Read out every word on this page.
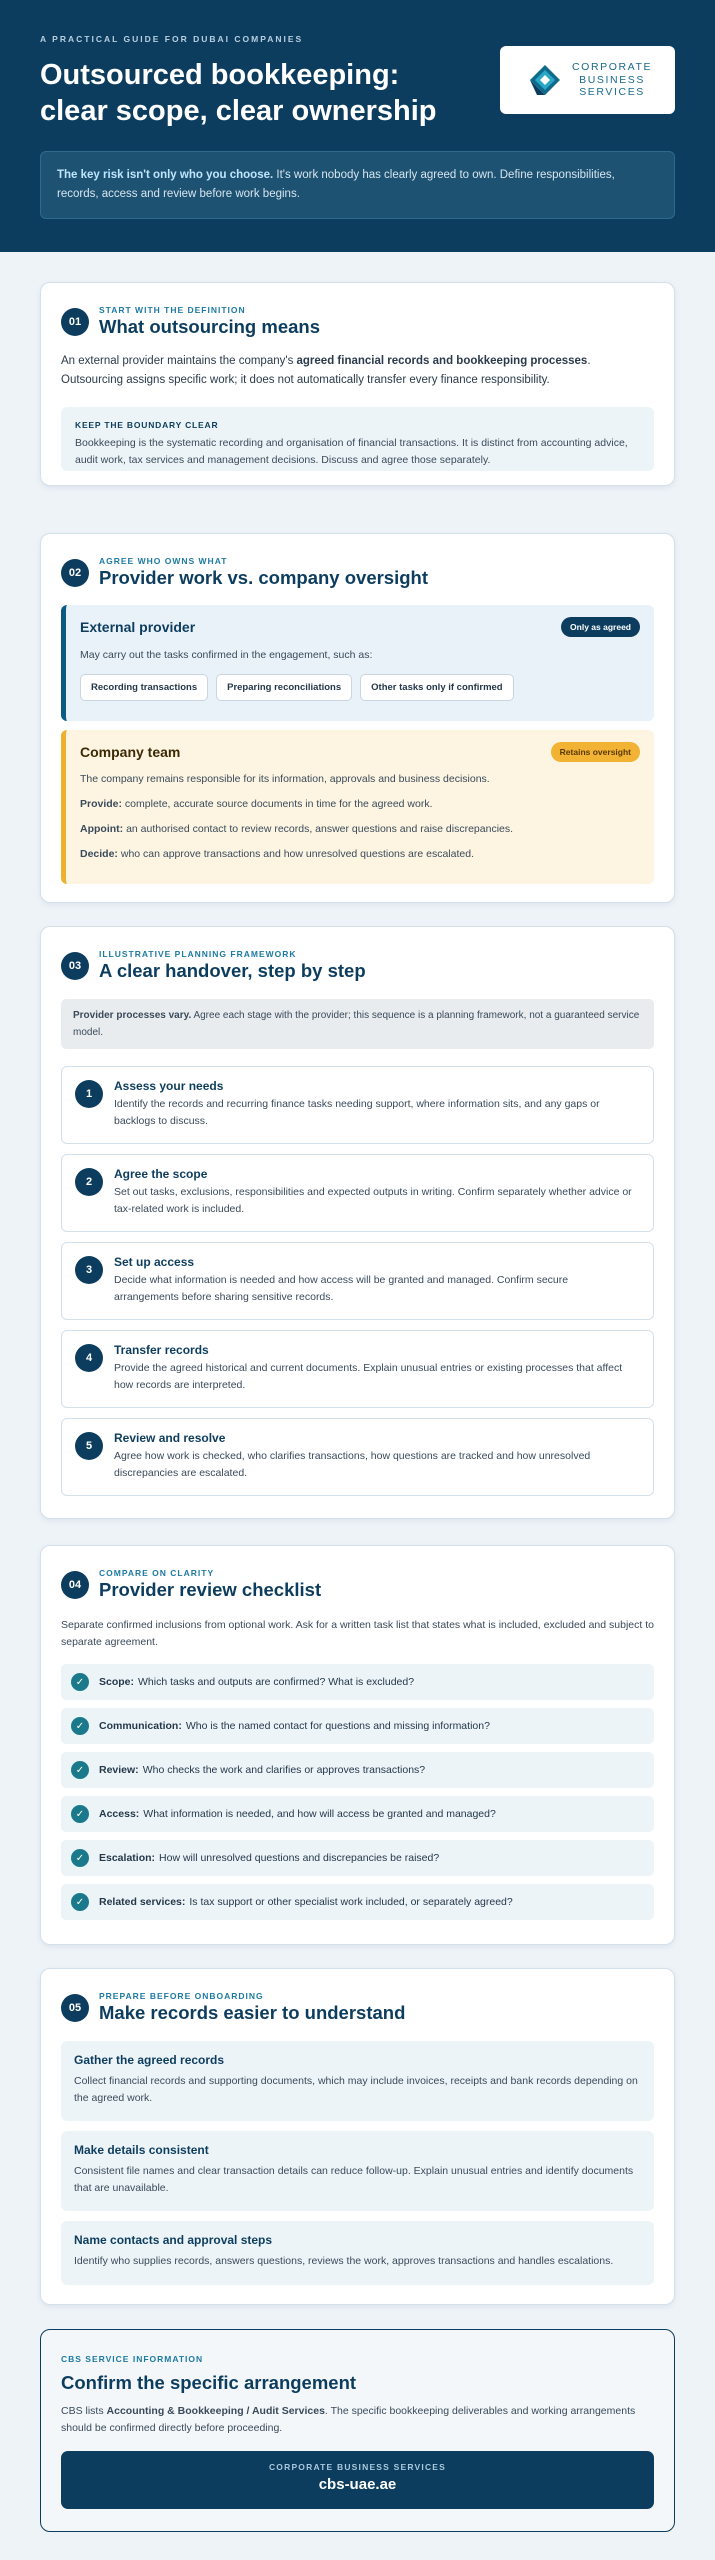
A PRACTICAL GUIDE FOR DUBAI COMPANIES
Outsourced bookkeeping:
clear scope, clear ownership
CORPORATE
BUSINESS
SERVICES
The key risk isn't only who you choose. It's work nobody has clearly agreed to own. Define responsibilities, records, access and review before work begins.
01
START WITH THE DEFINITION
What outsourcing means
An external provider maintains the company's agreed financial records and bookkeeping processes. Outsourcing assigns specific work; it does not automatically transfer every finance responsibility.
KEEP THE BOUNDARY CLEAR
Bookkeeping is the systematic recording and organisation of financial transactions. It is distinct from accounting advice, audit work, tax services and management decisions. Discuss and agree those separately.
02
AGREE WHO OWNS WHAT
Provider work vs. company oversight
External provider	Only as agreed
May carry out the tasks confirmed in the engagement, such as:
Recording transactions	Preparing reconciliations	Other tasks only if confirmed
Company team	Retains oversight
The company remains responsible for its information, approvals and business decisions.
Provide: complete, accurate source documents in time for the agreed work.
Appoint: an authorised contact to review records, answer questions and raise discrepancies.
Decide: who can approve transactions and how unresolved questions are escalated.
03
ILLUSTRATIVE PLANNING FRAMEWORK
A clear handover, step by step
Provider processes vary. Agree each stage with the provider; this sequence is a planning framework, not a guaranteed service model.
1
Assess your needs
Identify the records and recurring finance tasks needing support, where information sits, and any gaps or backlogs to discuss.
2
Agree the scope
Set out tasks, exclusions, responsibilities and expected outputs in writing. Confirm separately whether advice or tax-related work is included.
3
Set up access
Decide what information is needed and how access will be granted and managed. Confirm secure arrangements before sharing sensitive records.
4
Transfer records
Provide the agreed historical and current documents. Explain unusual entries or existing processes that affect how records are interpreted.
5
Review and resolve
Agree how work is checked, who clarifies transactions, how questions are tracked and how unresolved discrepancies are escalated.
04
COMPARE ON CLARITY
Provider review checklist
Separate confirmed inclusions from optional work. Ask for a written task list that states what is included, excluded and subject to separate agreement.
✓	Scope: Which tasks and outputs are confirmed? What is excluded?
✓	Communication: Who is the named contact for questions and missing information?
✓	Review: Who checks the work and clarifies or approves transactions?
✓	Access: What information is needed, and how will access be granted and managed?
✓	Escalation: How will unresolved questions and discrepancies be raised?
✓	Related services: Is tax support or other specialist work included, or separately agreed?
05
PREPARE BEFORE ONBOARDING
Make records easier to understand
Gather the agreed records
Collect financial records and supporting documents, which may include invoices, receipts and bank records depending on the agreed work.
Make details consistent
Consistent file names and clear transaction details can reduce follow-up. Explain unusual entries and identify documents that are unavailable.
Name contacts and approval steps
Identify who supplies records, answers questions, reviews the work, approves transactions and handles escalations.
CBS SERVICE INFORMATION
Confirm the specific arrangement
CBS lists Accounting & Bookkeeping / Audit Services. The specific bookkeeping deliverables and working arrangements should be confirmed directly before proceeding.
CORPORATE BUSINESS SERVICES
cbs-uae.ae
